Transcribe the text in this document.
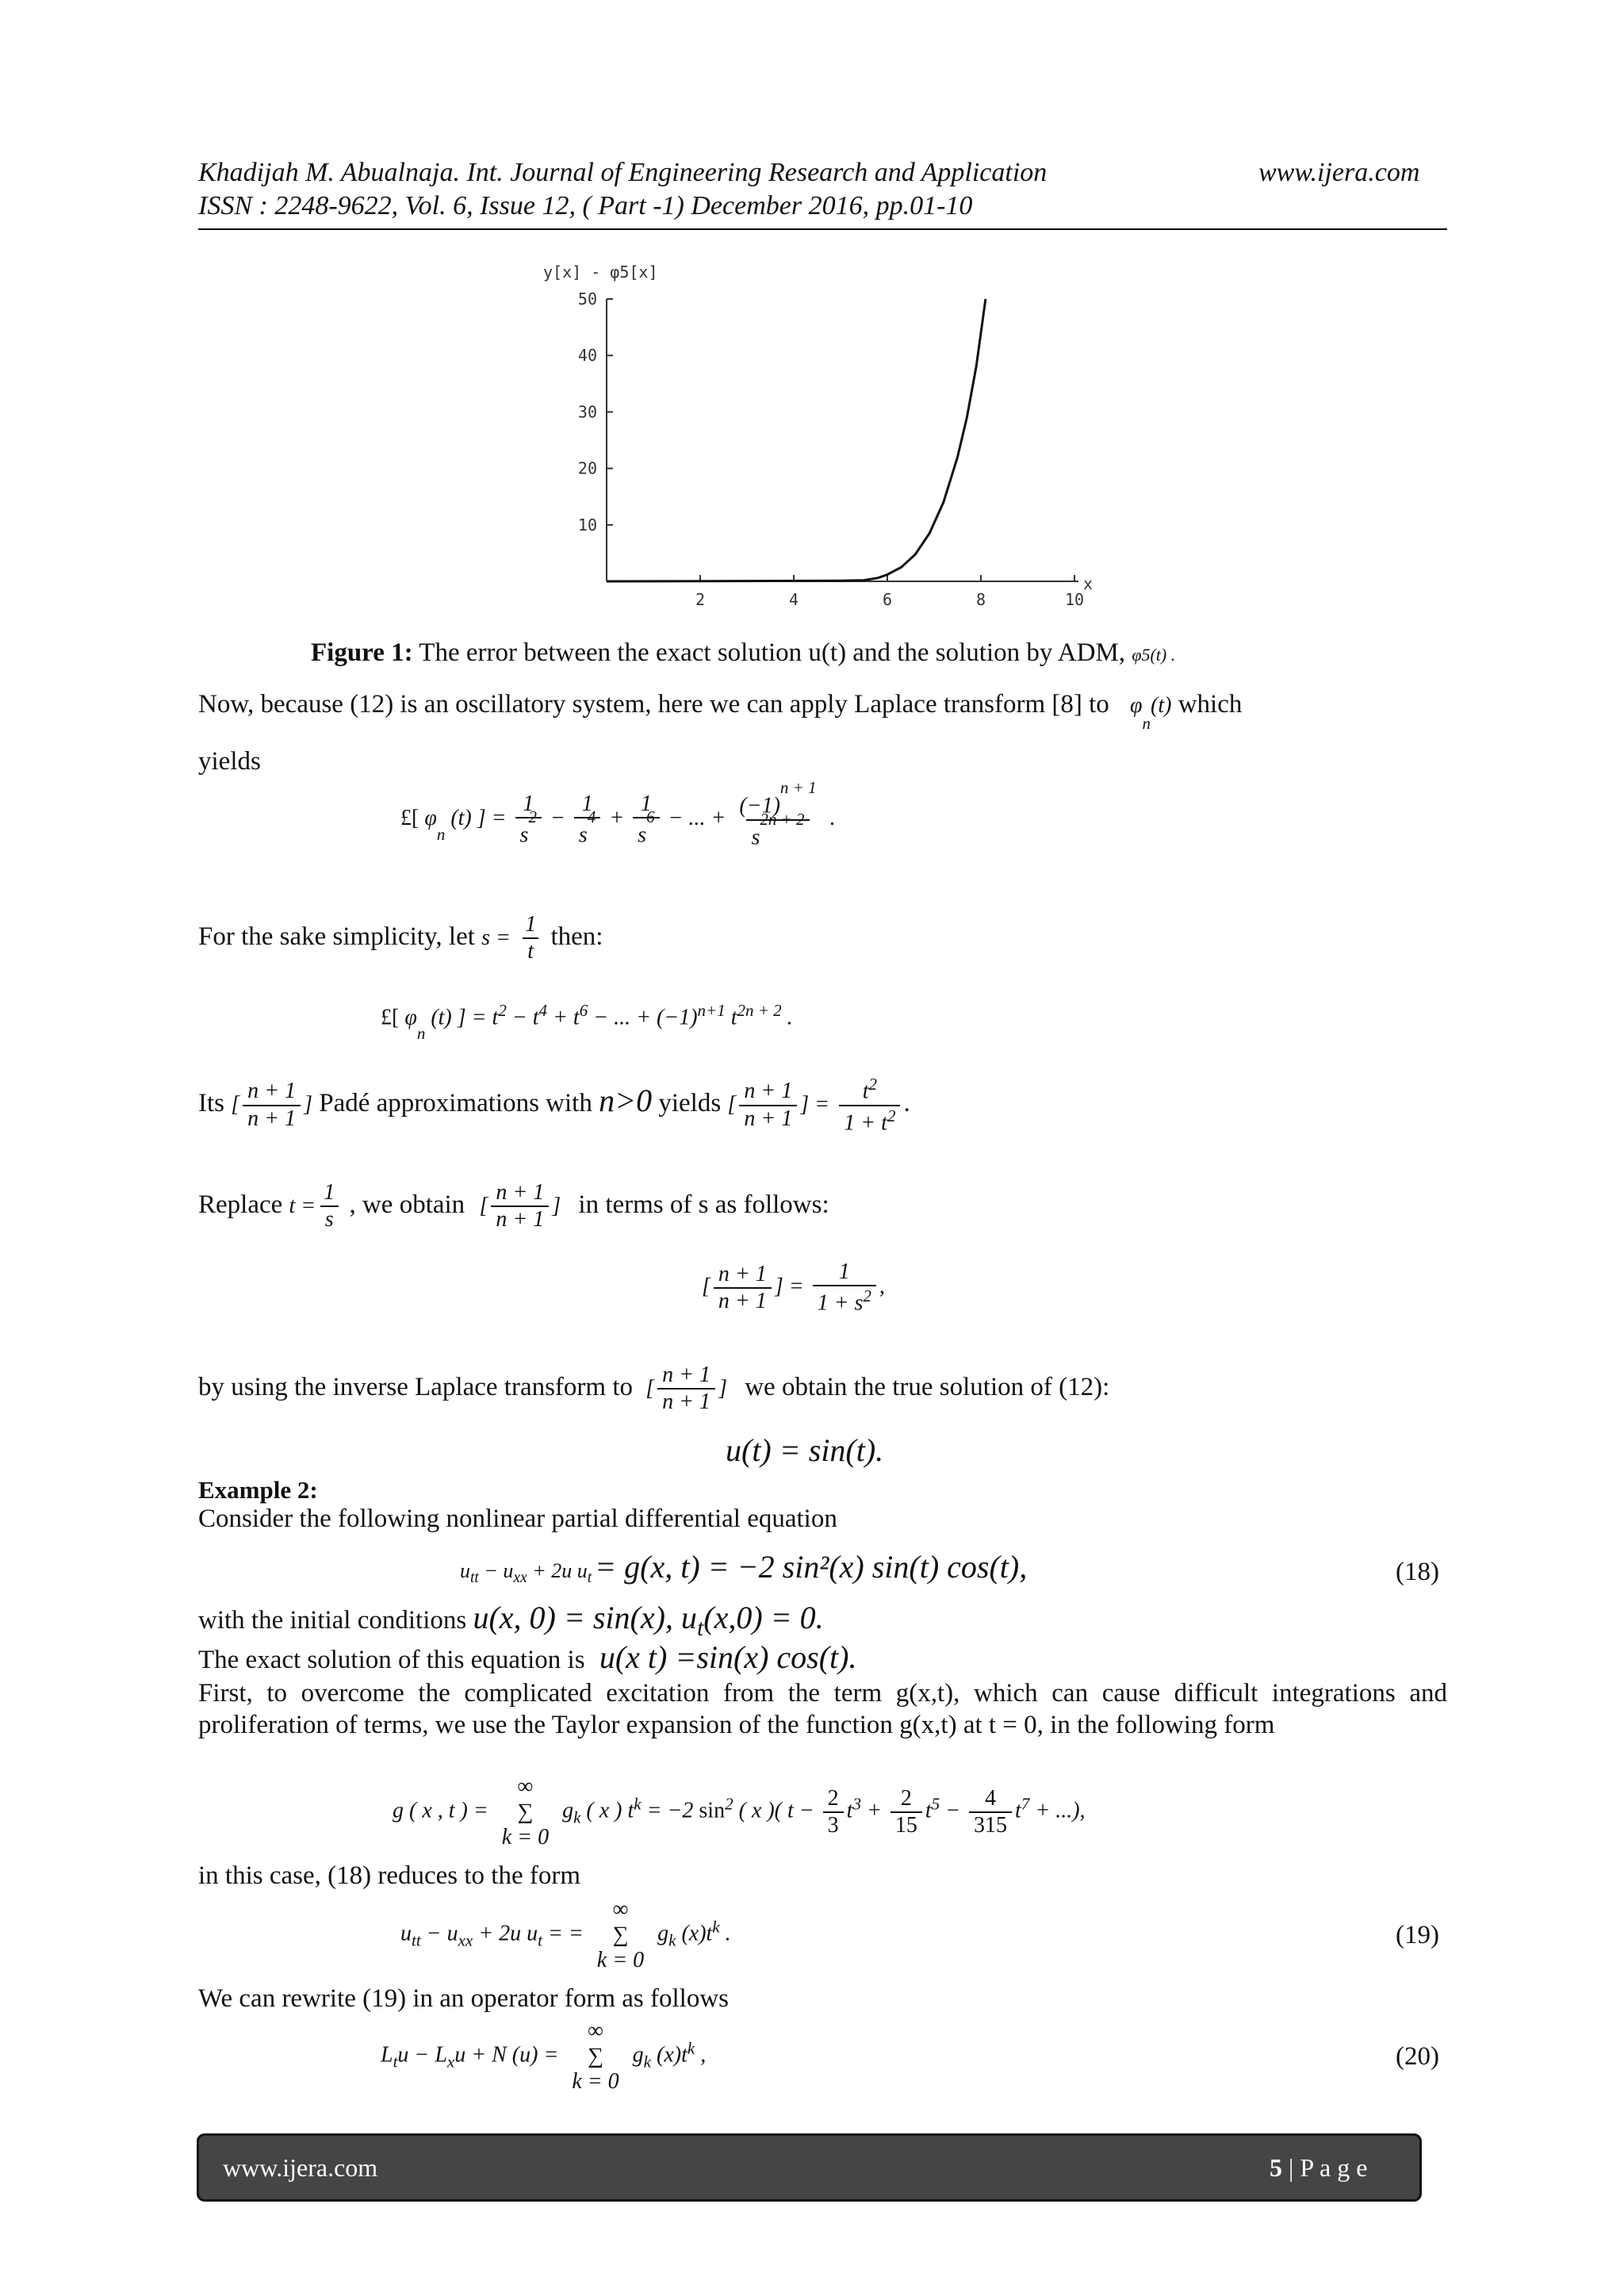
Khadijah M. Abualnaja. Int. Journal of Engineering Research and Application	www.ijera.com
ISSN : 2248-9622, Vol. 6, Issue 12, ( Part -1) December 2016, pp.01-10
y[x] - φ5[x]
x
2	4	6	8	10
10
20
30
40
50
Figure 1: The error between the exact solution u(t) and the solution by ADM, φ5(t) .
Now, because (12) is an oscillatory system, here we can apply Laplace transform [8] to $\varphi_n(t)$ which
yields
£[ $\varphi_n$ (t) ] = $\frac{1}{s^2} - \frac{1}{s^4} + \frac{1}{s^6}$ − ... + $\frac{(-1)^{n + 1}}{s^{2n + 2}}$ .
For the sake simplicity, let $s = \frac{1}{t}$ then:
£[ $\varphi_n$ (t) ] = $t^2 - t^4 + t^6$ − ... + $(-1)^{n+1}$ $t^{2n + 2}$ .
Its [ $\frac{n + 1}{n + 1}$ ] Padé approximations with n>0 yields [ $\frac{n + 1}{n + 1}$ ] = $\frac{t^2}{1 + t^2}$ .
Replace $t = \frac{1}{s}$ , we obtain [ $\frac{n + 1}{n + 1}$ ] in terms of s as follows:
[ $\frac{n + 1}{n + 1}$ ] = $\frac{1}{1 + s^2}$ ,
by using the inverse Laplace transform to [ $\frac{n + 1}{n + 1}$ ] we obtain the true solution of (12):
u(t) = sin(t).
Example 2:
Consider the following nonlinear partial differential equation
$u_{tt} - u_{xx} + 2u$ $u_t = g(x$, t) = −2 sin²(x) sin(t) cos(t),	(18)
with the initial conditions u(x, 0) = sin(x), $u_t(x,0) = 0$.
The exact solution of this equation is u(x t) =sin(x) cos(t).
First, to overcome the complicated excitation from the term g(x,t), which can cause difficult integrations and proliferation of terms, we use the Taylor expansion of the function g(x,t) at t = 0, in the following form
g ( x , t ) =
∞
∑
k = 0
$g_k$ ( x ) $t^k = -2$ $\sin^2$ ( x )( $t - \frac{2}{3} t^3 + \frac{2}{15} t^5 - \frac{4}{315} t^7$ + ...),
in this case, (18) reduces to the form
$u_{tt} - u_{xx} + 2u$ $u_t$ = =
∞
∑
k = 0
$g_k$ $(x)t^k$ .	(19)
We can rewrite (19) in an operator form as follows
$L_tu - L_xu + N$ (u) =
∞
∑
k = 0
$g_k$ $(x)t^k$ ,	(20)
www.ijera.com	5 | P a g e
